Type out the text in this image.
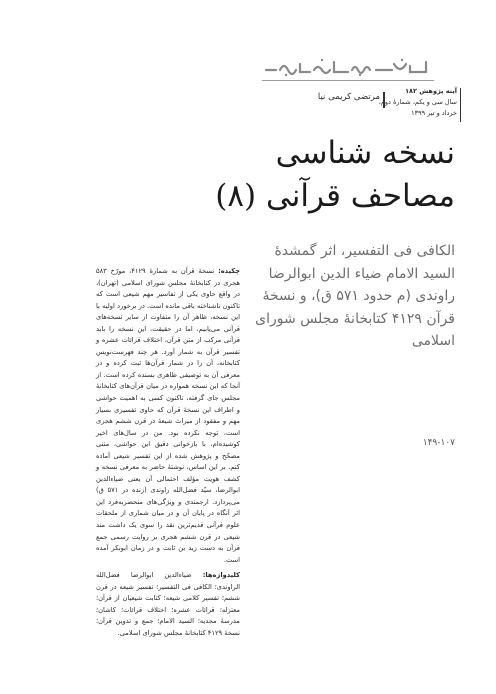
تقدوسرس سکلا
مرتضی کریمی نیا
آینه پژوهش ۱۸۲
سال سی و یکم، شمارۀ دوم،
خرداد و تیر ۱۳۹۹
نسخه شناسی
مصاحف قرآنی (۸)
الکافی فی التفسیر، اثر گمشدۀ السید الامام ضیاء الدین ابوالرضا راوندی (م حدود ۵۷۱ ق)، و نسخۀ قرآن ۴۱۲۹ کتابخانۀ مجلس شورای اسلامی
۱۴۹-۱۰۷
چکیده: نسخۀ قرآن به شمارۀ ۴۱۲۹، مورّخ ۵۸۳ هجری در کتابخانۀ مجلس شورای اسلامی (تهران)، در واقع حاوی یکی از تفاسیر مهم شیعی است که تاکنون ناشناخته باقی مانده است. در برخورد اولیه با این نسخه، ظاهر آن را متفاوت از سایر نسخه‌های قرآنی می‌یابیم، اما در حقیقت، این نسخه را باید قرآنی مرکب از متن قرآن، اختلاف قرائات عشره و تفسیر قرآن به شمار آورد. هر چند فهرست‌نویس کتابخانه، آن را در شمار قرآن‌ها ثبت کرده و در معرفی آن به توصیفی ظاهری بسنده کرده است. از آنجا که این نسخه همواره در میان قرآن‌های کتابخانۀ مجلس جای گرفته، تاکنون کسی به اهمیت حواشی و اطراف این نسخۀ قرآن که حاوی تفسیری بسیار مهم و مفقود از میراث شیعۀ در قرن ششم هجری است، توجه نکرده بود. من در سال‌های اخیر کوشیده‌ام، با بازخوانی دقیق این حواشی، متنی مصحّح و پژوهش شده از این تفسیر شیعی آماده کنم. بر این اساس، نوشتۀ حاضر به معرفی نسخه و کشف هویت مؤلف احتمالی آن یعنی ضیاءالدین ابوالرضا، سیّد فضل‌الله راوندی (زنده در ۵۷۱ ق) می‌پردازد. ارجمندی و ویژگی‌های منحصربه‌فرد این اثر آنگاه در پایان آن و در میان شماری از ملحقات علوم قرآنی قدیم‌ترین نقد را سوی یک داشت مند شیعی در قرن ششم هجری بر روایت رسمی جمع قرآن به دست زید بن ثابت و در زمان ابوبکر آمده است.
کلیدواژه‌ها: ضیاءالدین ابوالرضا فضل‌الله الراوندی؛ الکافی فی التفسیر؛ تفسیر شیعه در قرن ششم؛ تفسیر کلامی شیعه؛ کتابت شیعیان از قرآن؛ معتزله؛ قرائات عشره؛ اختلاف قرائات؛ کاشان؛ مدرسۀ مجدیه؛ السید الامام؛ جمع و تدوین قرآن؛ نسخۀ ۴۱۲۹ کتابخانۀ مجلس شورای اسلامی.
